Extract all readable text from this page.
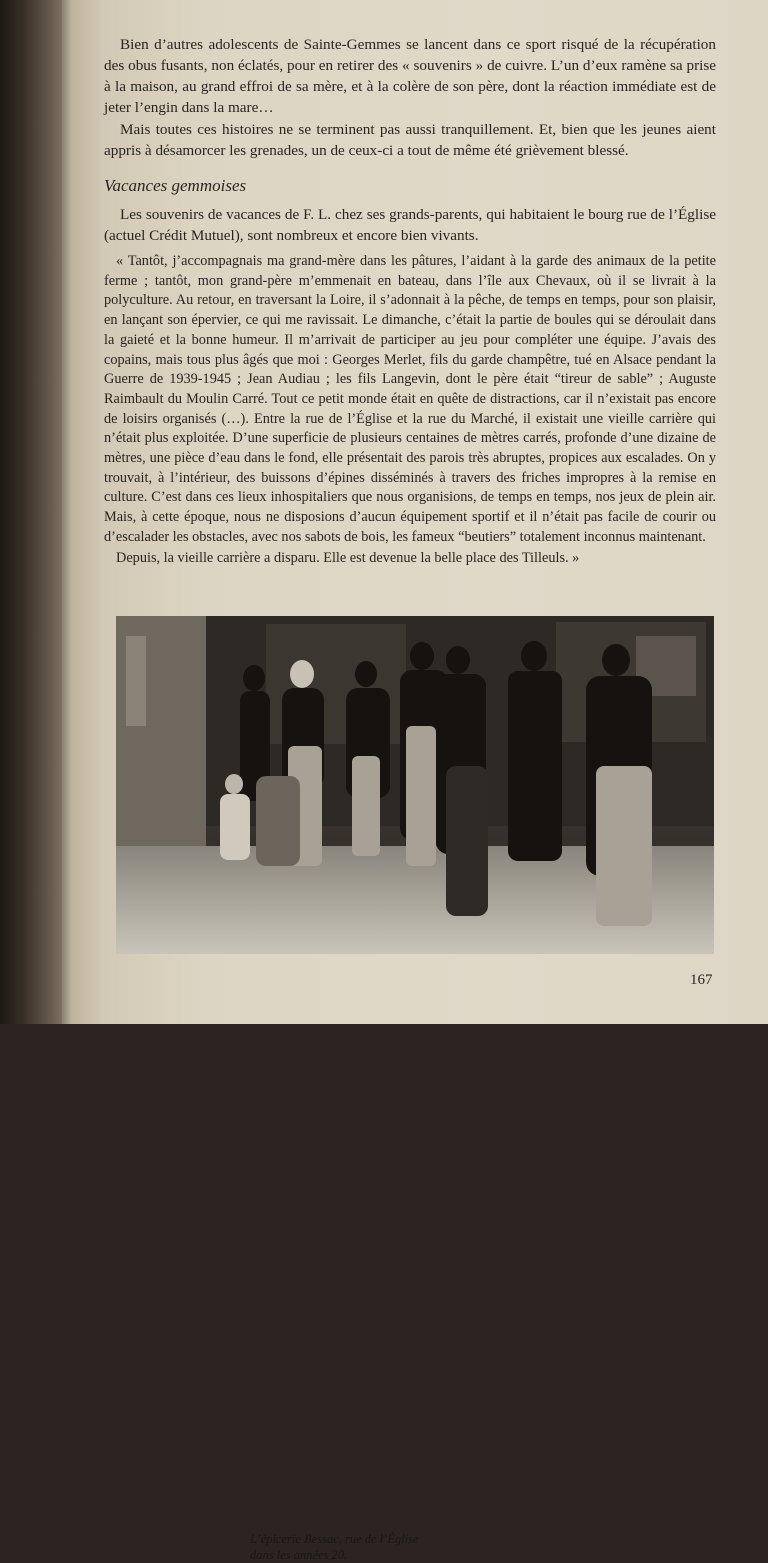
Bien d’autres adolescents de Sainte-Gemmes se lancent dans ce sport risqué de la récupération des obus fusants, non éclatés, pour en retirer des « souvenirs » de cuivre. L’un d’eux ramène sa prise à la maison, au grand effroi de sa mère, et à la colère de son père, dont la réaction immédiate est de jeter l’engin dans la mare…

Mais toutes ces histoires ne se terminent pas aussi tranquillement. Et, bien que les jeunes aient appris à désamorcer les grenades, un de ceux-ci a tout de même été grièvement blessé.

Vacances gemmoises

Les souvenirs de vacances de F. L. chez ses grands-parents, qui habitaient le bourg rue de l’Église (actuel Crédit Mutuel), sont nombreux et encore bien vivants.

« Tantôt, j’accompagnais ma grand-mère dans les pâtures, l’aidant à la garde des animaux de la petite ferme ; tantôt, mon grand-père m’emmenait en bateau, dans l’île aux Chevaux, où il se livrait à la polyculture. Au retour, en traversant la Loire, il s’adonnait à la pêche, de temps en temps, pour son plaisir, en lançant son épervier, ce qui me ravissait. Le dimanche, c’était la partie de boules qui se déroulait dans la gaieté et la bonne humeur. Il m’arrivait de participer au jeu pour compléter une équipe. J’avais des copains, mais tous plus âgés que moi : Georges Merlet, fils du garde champêtre, tué en Alsace pendant la Guerre de 1939-1945 ; Jean Audiau ; les fils Langevin, dont le père était “tireur de sable” ; Auguste Raimbault du Moulin Carré. Tout ce petit monde était en quête de distractions, car il n’existait pas encore de loisirs organisés (…). Entre la rue de l’Église et la rue du Marché, il existait une vieille carrière qui n’était plus exploitée. D’une superficie de plusieurs centaines de mètres carrés, profonde d’une dizaine de mètres, une pièce d’eau dans le fond, elle présentait des parois très abruptes, propices aux escalades. On y trouvait, à l’intérieur, des buissons d’épines disséminés à travers des friches impropres à la remise en culture. C’est dans ces lieux inhospitaliers que nous organisions, de temps en temps, nos jeux de plein air. Mais, à cette époque, nous ne disposions d’aucun équipement sportif et il n’était pas facile de courir ou d’escalader les obstacles, avec nos sabots de bois, les fameux “beutiers” totalement inconnus maintenant.

Depuis, la vieille carrière a disparu. Elle est devenue la belle place des Tilleuls. »

L’épicerie Bessac, rue de l’Église
dans les années 20.
167
